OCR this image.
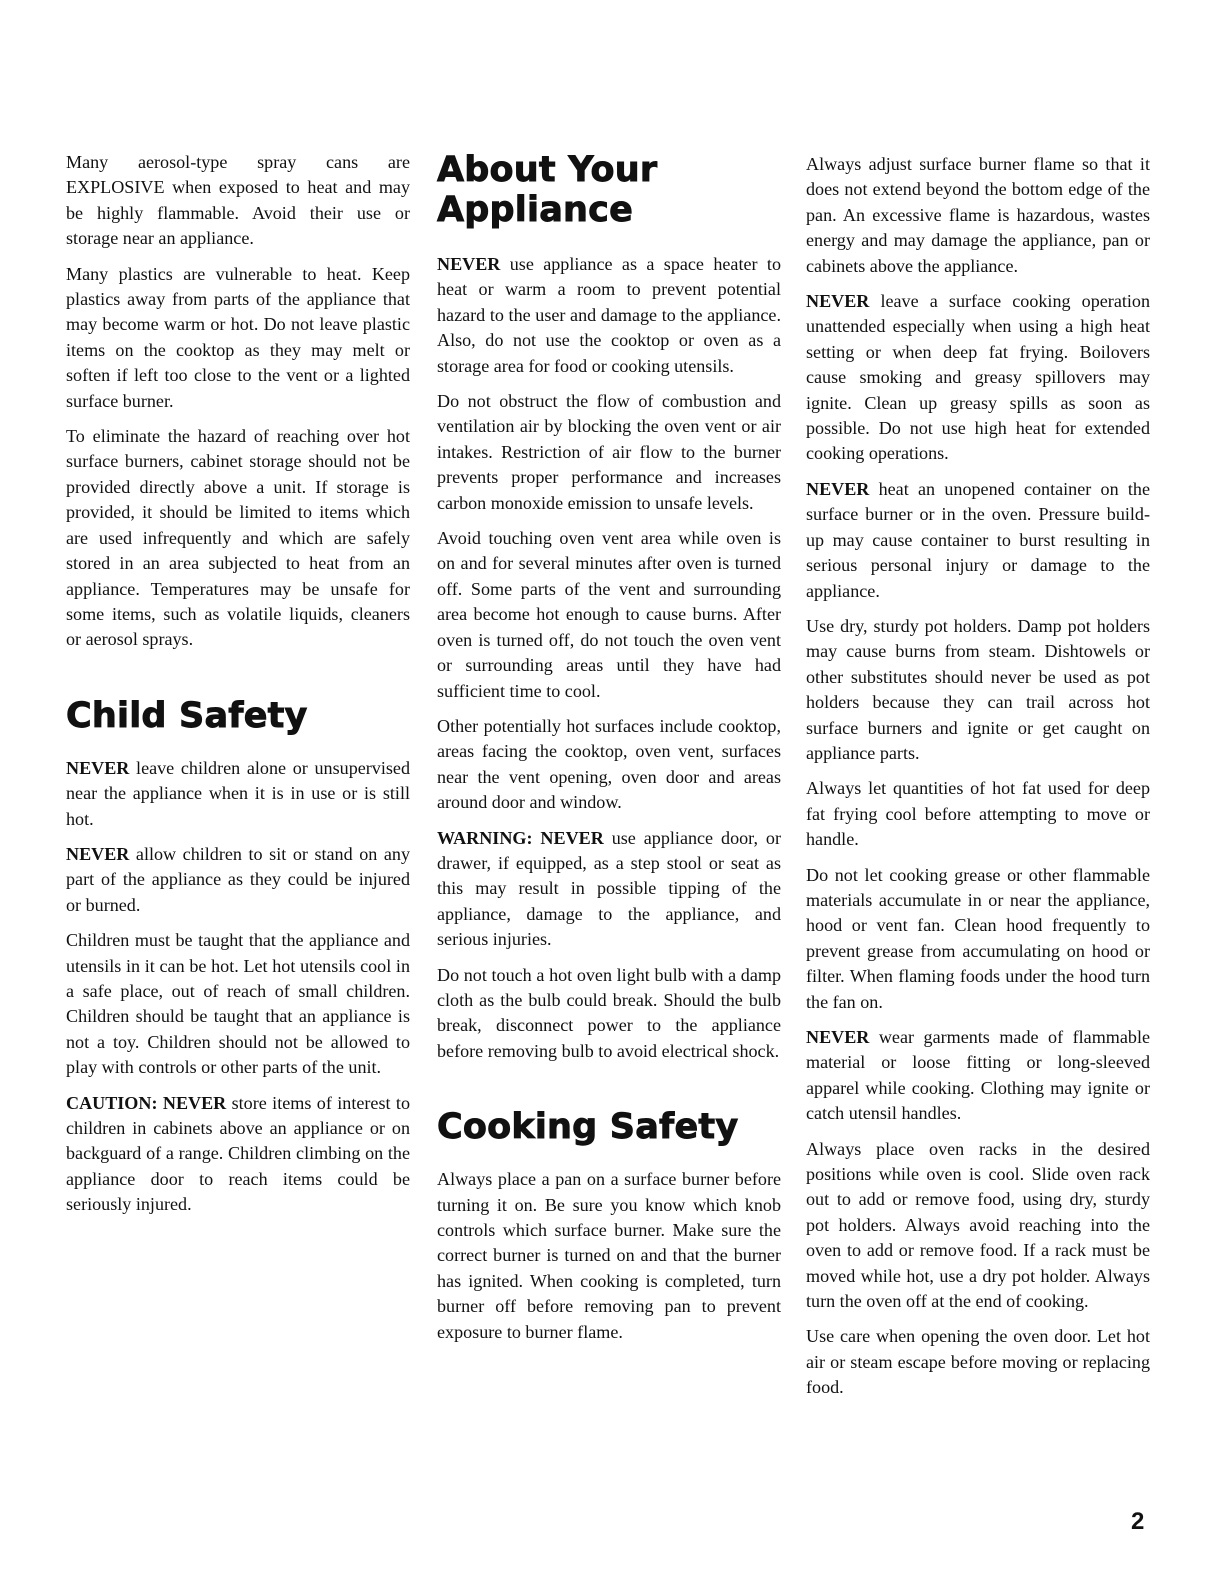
Many aerosol-type spray cans are EXPLOSIVE when exposed to heat and may be highly flammable. Avoid their use or storage near an appliance.

Many plastics are vulnerable to heat. Keep plastics away from parts of the appliance that may become warm or hot. Do not leave plastic items on the cooktop as they may melt or soften if left too close to the vent or a lighted surface burner.

To eliminate the hazard of reaching over hot surface burners, cabinet storage should not be provided directly above a unit. If storage is provided, it should be limited to items which are used infrequently and which are safely stored in an area subjected to heat from an appliance. Temperatures may be unsafe for some items, such as volatile liquids, cleaners or aerosol sprays.

Child Safety

NEVER leave children alone or unsupervised near the appliance when it is in use or is still hot.

NEVER allow children to sit or stand on any part of the appliance as they could be injured or burned.

Children must be taught that the appliance and utensils in it can be hot. Let hot utensils cool in a safe place, out of reach of small children. Children should be taught that an appliance is not a toy. Children should not be allowed to play with controls or other parts of the unit.

CAUTION: NEVER store items of interest to children in cabinets above an appliance or on backguard of a range. Children climbing on the appliance door to reach items could be seriously injured.

About Your Appliance

NEVER use appliance as a space heater to heat or warm a room to prevent potential hazard to the user and damage to the appliance. Also, do not use the cooktop or oven as a storage area for food or cooking utensils.

Do not obstruct the flow of combustion and ventilation air by blocking the oven vent or air intakes. Restriction of air flow to the burner prevents proper performance and increases carbon monoxide emission to unsafe levels.

Avoid touching oven vent area while oven is on and for several minutes after oven is turned off. Some parts of the vent and surrounding area become hot enough to cause burns. After oven is turned off, do not touch the oven vent or surrounding areas until they have had sufficient time to cool.

Other potentially hot surfaces include cooktop, areas facing the cooktop, oven vent, surfaces near the vent opening, oven door and areas around door and window.

WARNING: NEVER use appliance door, or drawer, if equipped, as a step stool or seat as this may result in possible tipping of the appliance, damage to the appliance, and serious injuries.

Do not touch a hot oven light bulb with a damp cloth as the bulb could break. Should the bulb break, disconnect power to the appliance before removing bulb to avoid electrical shock.

Cooking Safety

Always place a pan on a surface burner before turning it on. Be sure you know which knob controls which surface burner. Make sure the correct burner is turned on and that the burner has ignited. When cooking is completed, turn burner off before removing pan to prevent exposure to burner flame.

Always adjust surface burner flame so that it does not extend beyond the bottom edge of the pan. An excessive flame is hazardous, wastes energy and may damage the appliance, pan or cabinets above the appliance.

NEVER leave a surface cooking operation unattended especially when using a high heat setting or when deep fat frying. Boilovers cause smoking and greasy spillovers may ignite. Clean up greasy spills as soon as possible. Do not use high heat for extended cooking operations.

NEVER heat an unopened container on the surface burner or in the oven. Pressure build-up may cause container to burst resulting in serious personal injury or damage to the appliance.

Use dry, sturdy pot holders. Damp pot holders may cause burns from steam. Dishtowels or other substitutes should never be used as pot holders because they can trail across hot surface burners and ignite or get caught on appliance parts.

Always let quantities of hot fat used for deep fat frying cool before attempting to move or handle.

Do not let cooking grease or other flammable materials accumulate in or near the appliance, hood or vent fan. Clean hood frequently to prevent grease from accumulating on hood or filter. When flaming foods under the hood turn the fan on.

NEVER wear garments made of flammable material or loose fitting or long-sleeved apparel while cooking. Clothing may ignite or catch utensil handles.

Always place oven racks in the desired positions while oven is cool. Slide oven rack out to add or remove food, using dry, sturdy pot holders. Always avoid reaching into the oven to add or remove food. If a rack must be moved while hot, use a dry pot holder. Always turn the oven off at the end of cooking.

Use care when opening the oven door. Let hot air or steam escape before moving or replacing food.

2
